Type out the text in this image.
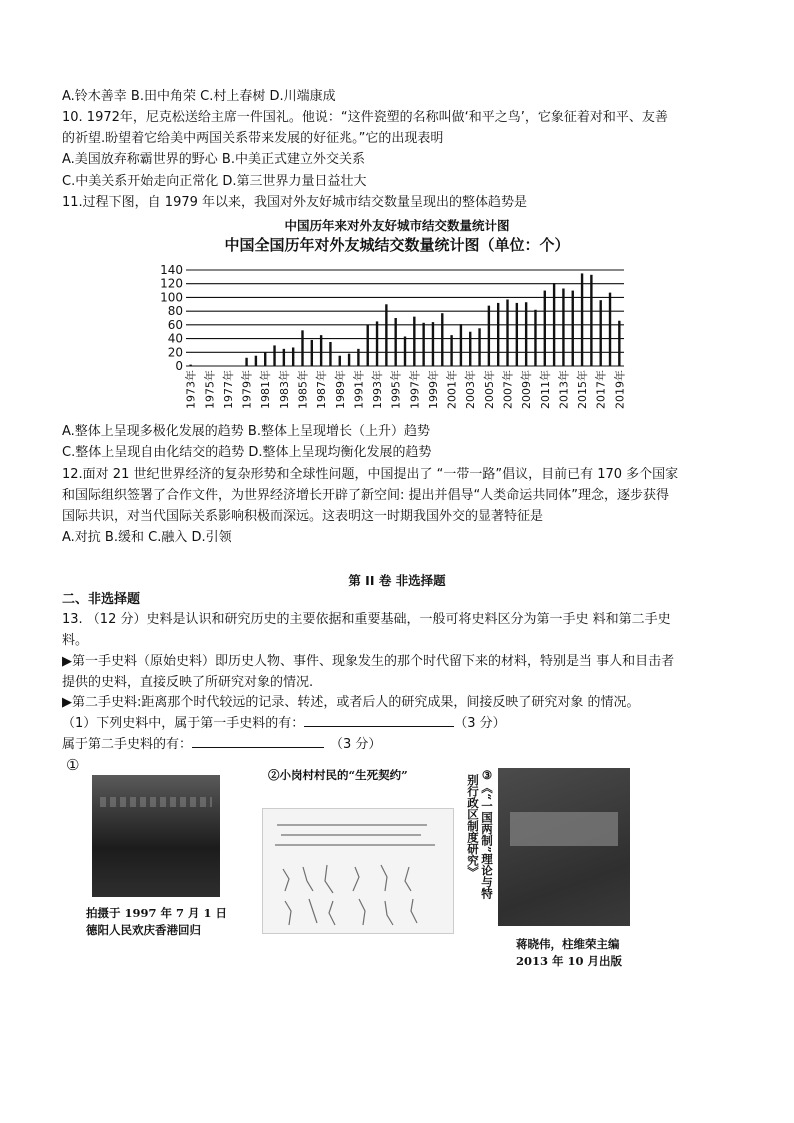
A.铃木善幸 B.田中角荣 C.村上春树 D.川端康成
10. 1972年，尼克松送给主席一件国礼。他说：“这件瓷塑的名称叫做‘和平之鸟’，它象征着对和平、友善
的祈望.盼望着它给美中两国关系带来发展的好征兆。”它的出现表明
A.美国放弃称霸世界的野心 B.中美正式建立外交关系
C.中美关系开始走向正常化 D.第三世界力量日益壮大
11.过程下图，自 1979 年以来，我国对外友好城市结交数量呈现出的整体趋势是
中国历年来对外友好城市结交数量统计图
中国全国历年对外友城结交数量统计图（单位：个）
0
20
40
60
80
100
120
140
1973年 1975年 1977年 1979年 1981年 1983年 1985年 1987年 1989年 1991年 1993年 1995年 1997年 1999年 2001年 2003年 2005年 2007年 2009年 2011年 2013年 2015年 2017年 2019年
A.整体上呈现多极化发展的趋势 B.整体上呈现增长（上升）趋势
C.整体上呈现自由化结交的趋势 D.整体上呈现均衡化发展的趋势
12.面对 21 世纪世界经济的复杂形势和全球性问题，中国提出了 “一带一路”倡议，目前已有 170 多个国家
和国际组织签署了合作文件，为世界经济增长开辟了新空间: 提出并倡导“人类命运共同体”理念，逐步获得
国际共识，对当代国际关系影响积极而深远。这表明这一时期我国外交的显著特征是
A.对抗 B.缓和 C.融入 D.引领
第 II 卷 非选择题
二、非选择题
13. （12 分）史料是认识和研究历史的主要依据和重要基础，一般可将史料区分为第一手史 料和第二手史
料。
▶第一手史料（原始史料）即历史人物、事件、现象发生的那个时代留下来的材料，特别是当 事人和目击者
提供的史料，直接反映了所研究对象的情况.
▶第二手史料:距离那个时代较远的记录、转述，或者后人的研究成果，间接反映了研究对象 的情况。
（1）下列史料中，属于第一手史料的有：	（3 分）
属于第二手史料的有：	（3 分）
①
拍摄于 1997 年 7 月 1 日
德阳人民欢庆香港回归
②小岗村村民的“生死契约”	③《“一国两制”理论与特
别行政区制度研究》
蒋晓伟，柱维荣主编
2013 年 10 月出版
